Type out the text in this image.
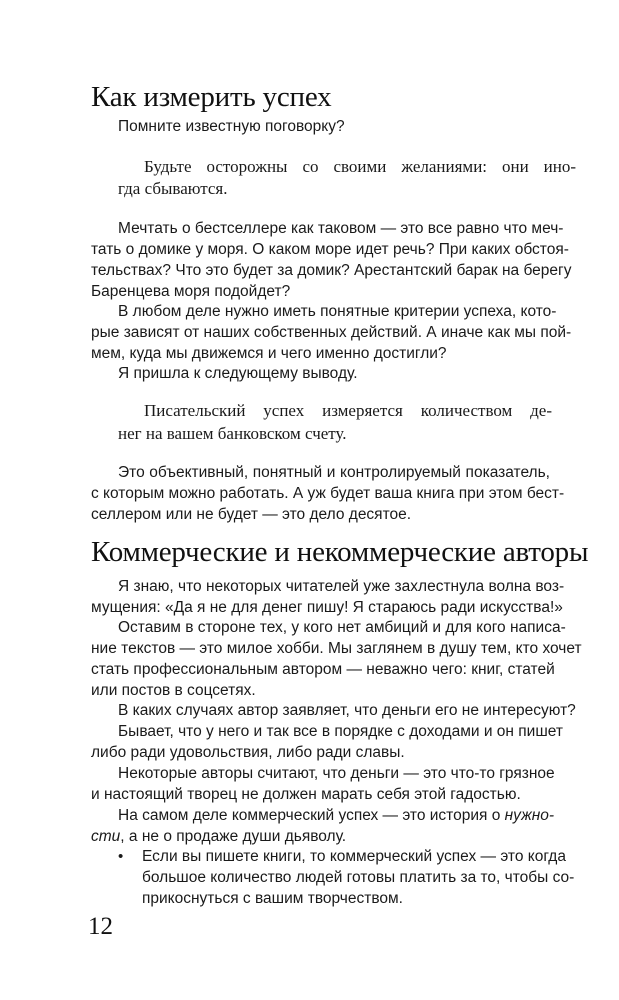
Как измерить успех
Помните известную поговорку?
Будьте осторожны со своими желаниями: они ино-
гда сбываются.
Мечтать о бестселлере как таковом — это все равно что меч-
тать о домике у моря. О каком море идет речь? При каких обстоя-
тельствах? Что это будет за домик? Арестантский барак на берегу
Баренцева моря подойдет?
В любом деле нужно иметь понятные критерии успеха, кото-
рые зависят от наших собственных действий. А иначе как мы пой-
мем, куда мы движемся и чего именно достигли?
Я пришла к следующему выводу.
Писательский успех измеряется количеством де-
нег на вашем банковском счету.
Это объективный, понятный и контролируемый показатель,
с которым можно работать. А уж будет ваша книга при этом бест-
селлером или не будет — это дело десятое.
Коммерческие и некоммерческие авторы
Я знаю, что некоторых читателей уже захлестнула волна воз-
мущения: «Да я не для денег пишу! Я стараюсь ради искусства!»
Оставим в стороне тех, у кого нет амбиций и для кого написа-
ние текстов — это милое хобби. Мы заглянем в душу тем, кто хочет
стать профессиональным автором — неважно чего: книг, статей
или постов в соцсетях.
В каких случаях автор заявляет, что деньги его не интересуют?
Бывает, что у него и так все в порядке с доходами и он пишет
либо ради удовольствия, либо ради славы.
Некоторые авторы считают, что деньги — это что-то грязное
и настоящий творец не должен марать себя этой гадостью.
На самом деле коммерческий успех — это история о нужно-
сти, а не о продаже души дьяволу.
• Если вы пишете книги, то коммерческий успех — это когда
большое количество людей готовы платить за то, чтобы со-
прикоснуться с вашим творчеством.
12
